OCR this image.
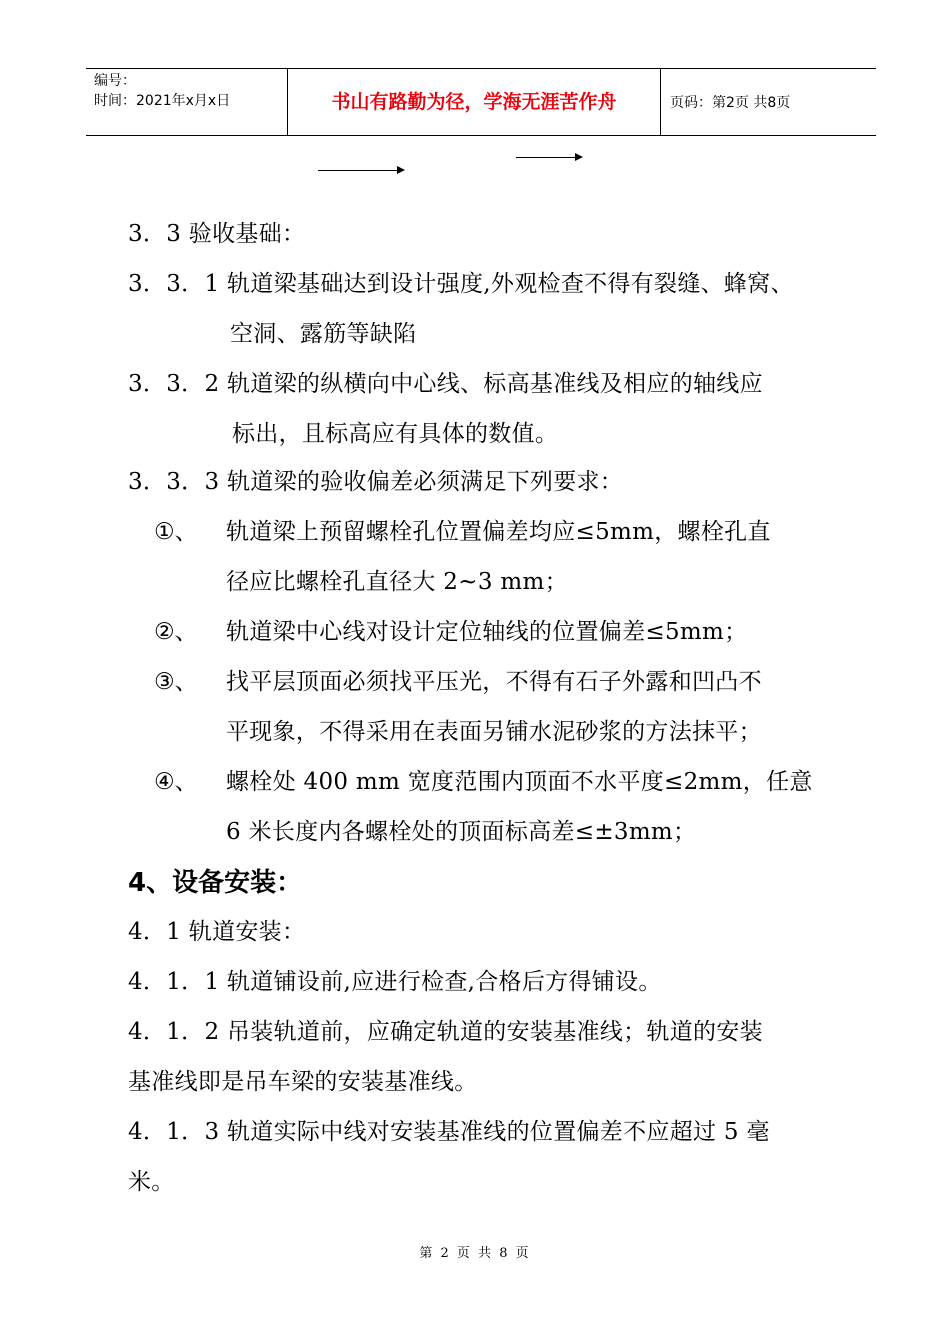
编号：
时间：2021年x月x日	书山有路勤为径，学海无涯苦作舟	页码：第2页 共8页
3．3 验收基础：
3．3．1 轨道梁基础达到设计强度,外观检查不得有裂缝、蜂窝、
空洞、露筋等缺陷
3．3．2 轨道梁的纵横向中心线、标高基准线及相应的轴线应
标出，且标高应有具体的数值。
3．3．3 轨道梁的验收偏差必须满足下列要求：
①、 轨道梁上预留螺栓孔位置偏差均应≤5mm，螺栓孔直
径应比螺栓孔直径大 2~3 mm；
②、 轨道梁中心线对设计定位轴线的位置偏差≤5mm；
③、 找平层顶面必须找平压光，不得有石子外露和凹凸不
平现象，不得采用在表面另铺水泥砂浆的方法抹平；
④、 螺栓处 400 mm 宽度范围内顶面不水平度≤2mm，任意
6 米长度内各螺栓处的顶面标高差≤±3mm；
4、设备安装：
4．1 轨道安装：
4．1．1 轨道铺设前,应进行检查,合格后方得铺设。
4．1．2 吊装轨道前，应确定轨道的安装基准线；轨道的安装
基准线即是吊车梁的安装基准线。
4．1．3 轨道实际中线对安装基准线的位置偏差不应超过 5 毫
米。
第 2 页 共 8 页
